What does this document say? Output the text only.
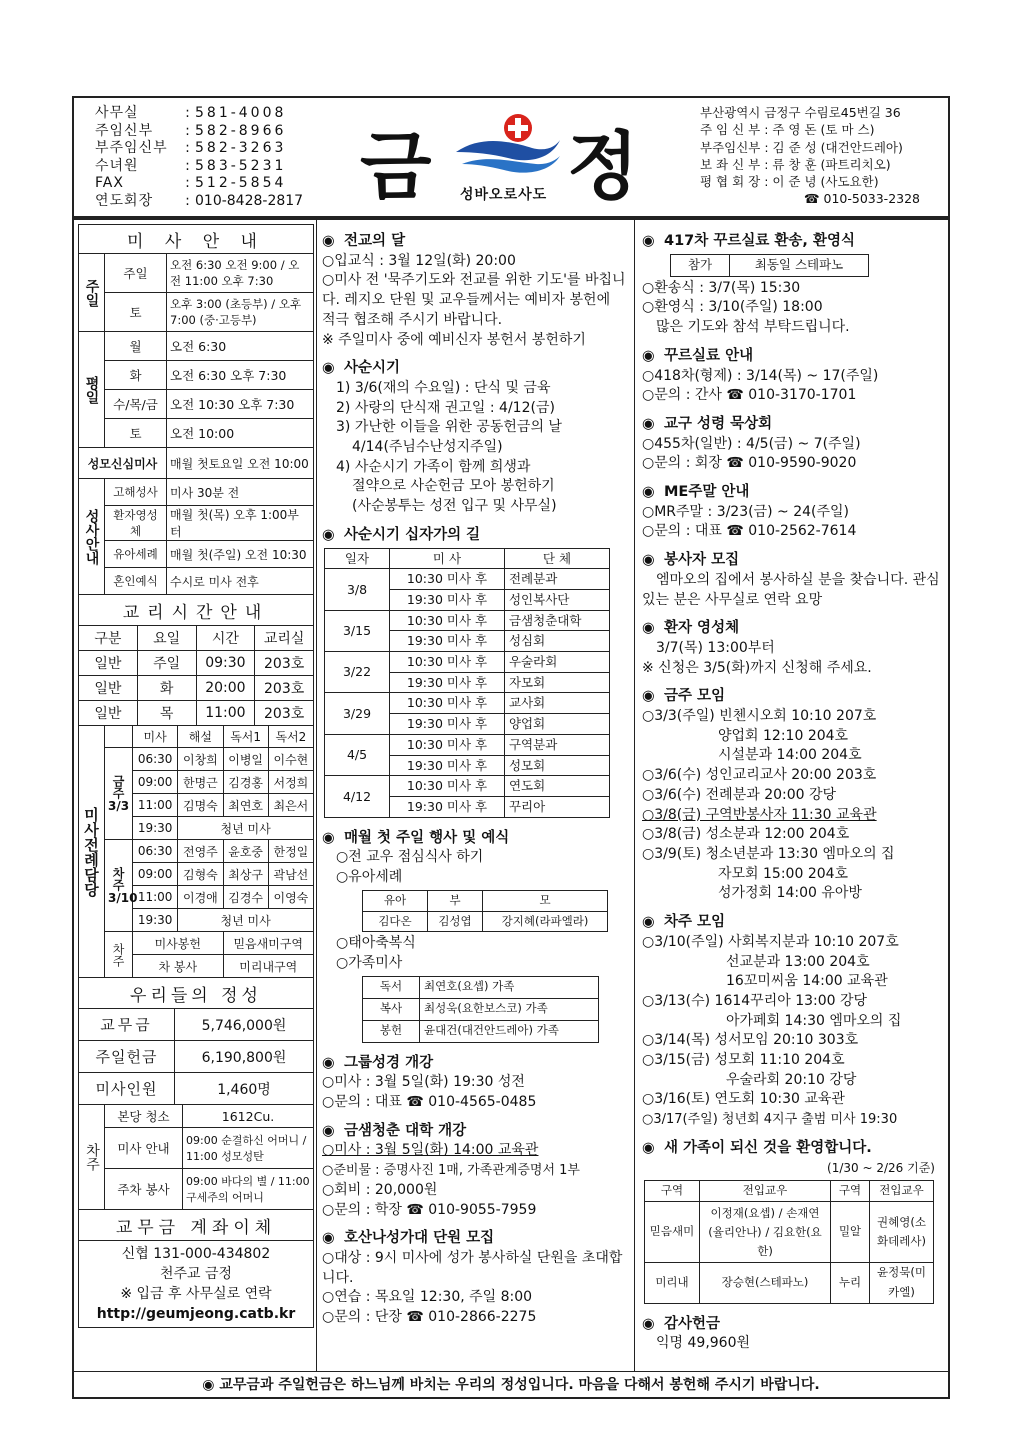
사무실	: 581-4008
주임신부 : 582-8966
부주임신부 : 582-3263
수녀원	: 583-5231
FAX	: 512-5854
연도회장 : 010-8428-2817 금 정
성바오로사도
부산광역시 금정구 수림로45번길 36
주 임 신 부 : 주 영 돈 (토 마 스)
부주임신부 : 김 준 성 (대건안드레아)
보 좌 신 부 : 류 창 훈 (파트리치오)
평 협 회 장 : 이 준 녕 (사도요한)
☎ 010-5033-2328
미 사 안 내		
주일	주일	오전 6:30 오전 9:00 / 오전 11:00 오후 7:30
	토	오후 3:00 (초등부) / 오후 7:00 (중·고등부)
평일	월	오전 6:30
	화	오전 6:30 오후 7:30
	수/목/금	오전 10:30 오후 7:30
	토	오전 10:00
성모신심미사		매월 첫토요일 오전 10:00
성사안내	고해성사	미사 30분 전
	환자영성체	매월 첫(목) 오후 1:00부터
	유아세례	매월 첫(주일) 오전 10:30
	혼인예식	수시로 미사 전후
교리시간안내			
구분	요일	시간	교리실
일반	주일	09:30	203호
일반	화	20:00	203호
일반	목	11:00	203호
미사전례담당		미사	해설	독서1	독서2

	금주
3/3	06:30	이창희	이병일	이수현
		09:00	한명근	김경홍	서정희
		11:00	김명숙	최연호	최은서
		19:30	청년 미사		

	차주
3/10	06:30	전영주	윤호중	한정일
		09:00	김형숙	최상구	곽남선
		11:00	이경애	김경수	이영숙
		19:30	청년 미사		

	차주	미사봉헌		믿음새미구역	
		차 봉사		미리내구역	
우리들의 정성	
교무금	5,746,000원
주일헌금	6,190,800원
미사인원	1,460명
차주	본당 청소	1612Cu.
	미사 안내	09:00 순결하신 어머니 / 11:00 성모성탄
	주차 봉사	09:00 바다의 별 / 11:00 구세주의 어머니
교무금 계좌이체

신협 131-000-434802
천주교 금정
※ 입금 후 사무실로 연락
http://geumjeong.catb.kr
◉ 전교의 달
○입교식 : 3월 12일(화) 20:00
○미사 전 '묵주기도와 전교를 위한 기도'를 바칩니다. 레지오 단원 및 교우들께서는 예비자 봉헌에 적극 협조해 주시기 바랍니다.
※ 주일미사 중에 예비신자 봉헌서 봉헌하기
◉ 사순시기
1) 3/6(재의 수요일) : 단식 및 금육
2) 사랑의 단식재 권고일 : 4/12(금)
3) 가난한 이들을 위한 공동헌금의 날
4/14(주님수난성지주일)
4) 사순시기 가족이 함께 희생과
절약으로 사순헌금 모아 봉헌하기
(사순봉투는 성전 입구 및 사무실)
◉ 사순시기 십자가의 길
일자	미 사	단 체
3/8	10:30 미사 후	전례분과
	19:30 미사 후	성인복사단
3/15	10:30 미사 후	금샘청춘대학
	19:30 미사 후	성심회
3/22	10:30 미사 후	우술라회
	19:30 미사 후	자모회
3/29	10:30 미사 후	교사회
	19:30 미사 후	양업회
4/5	10:30 미사 후	구역분과
	19:30 미사 후	성모회
4/12	10:30 미사 후	연도회
	19:30 미사 후	꾸리아
◉ 매월 첫 주일 행사 및 예식
○전 교우 점심식사 하기
○유아세례
유아	부	모
김다온	김성엽	강지혜(라파엘라)
○태아축복식
○가족미사
독서	최연호(요셉) 가족
복사	최성욱(요한보스코) 가족
봉헌	윤대건(대건안드레아) 가족
◉ 그룹성경 개강
○미사 : 3월 5일(화) 19:30 성전
○문의 : 대표 ☎ 010-4565-0485
◉ 금샘청춘 대학 개강
○미사 : 3월 5일(화) 14:00 교육관
○준비물 : 증명사진 1매, 가족관계증명서 1부
○회비 : 20,000원
○문의 : 학장 ☎ 010-9055-7959
◉ 호산나성가대 단원 모집
○대상 : 9시 미사에 성가 봉사하실 단원을 초대합니다.
○연습 : 목요일 12:30, 주일 8:00
○문의 : 단장 ☎ 010-2866-2275
◉ 417차 꾸르실료 환송, 환영식
참가	최동일 스테파노
○환송식 : 3/7(목) 15:30
○환영식 : 3/10(주일) 18:00
많은 기도와 참석 부탁드립니다.
◉ 꾸르실료 안내
○418차(형제) : 3/14(목) ~ 17(주일)
○문의 : 간사 ☎ 010-3170-1701
◉ 교구 성령 묵상회
○455차(일반) : 4/5(금) ~ 7(주일)
○문의 : 회장 ☎ 010-9590-9020
◉ ME주말 안내
○MR주말 : 3/23(금) ~ 24(주일)
○문의 : 대표 ☎ 010-2562-7614
◉ 봉사자 모집
엠마오의 집에서 봉사하실 분을 찾습니다. 관심 있는 분은 사무실로 연락 요망
◉ 환자 영성체
3/7(목) 13:00부터
※ 신청은 3/5(화)까지 신청해 주세요.
◉ 금주 모임
○3/3(주일) 빈첸시오회 10:10 207호
양업회 12:10 204호
시설분과 14:00 204호
○3/6(수) 성인교리교사 20:00 203호
○3/6(수) 전례분과 20:00 강당
○3/8(금) 구역반봉사자 11:30 교육관
○3/8(금) 성소분과 12:00 204호
○3/9(토) 청소년분과 13:30 엠마오의 집
자모회 15:00 204호
성가정회 14:00 유아방
◉ 차주 모임
○3/10(주일) 사회복지분과 10:10 207호
선교분과 13:00 204호
16꼬미씨움 14:00 교육관
○3/13(수) 1614꾸리아 13:00 강당
아가페회 14:30 엠마오의 집
○3/14(목) 성서모임 20:10 303호
○3/15(금) 성모회 11:10 204호
우술라회 20:10 강당
○3/16(토) 연도회 10:30 교육관
○3/17(주일) 청년회 4지구 출범 미사 19:30
◉ 새 가족이 되신 것을 환영합니다.
(1/30 ~ 2/26 기준)
구역	전입교우	구역	전입교우
믿음새미	이정재(요셉) / 손재연(율리안나) / 김요한(요한)	밀알	권혜영(소화데레사)
미리내	장승현(스테파노)	누리	윤정묵(미카엘)
◉ 감사헌금
익명 49,960원
◉ 교무금과 주일헌금은 하느님께 바치는 우리의 정성입니다. 마음을 다해서 봉헌해 주시기 바랍니다.
